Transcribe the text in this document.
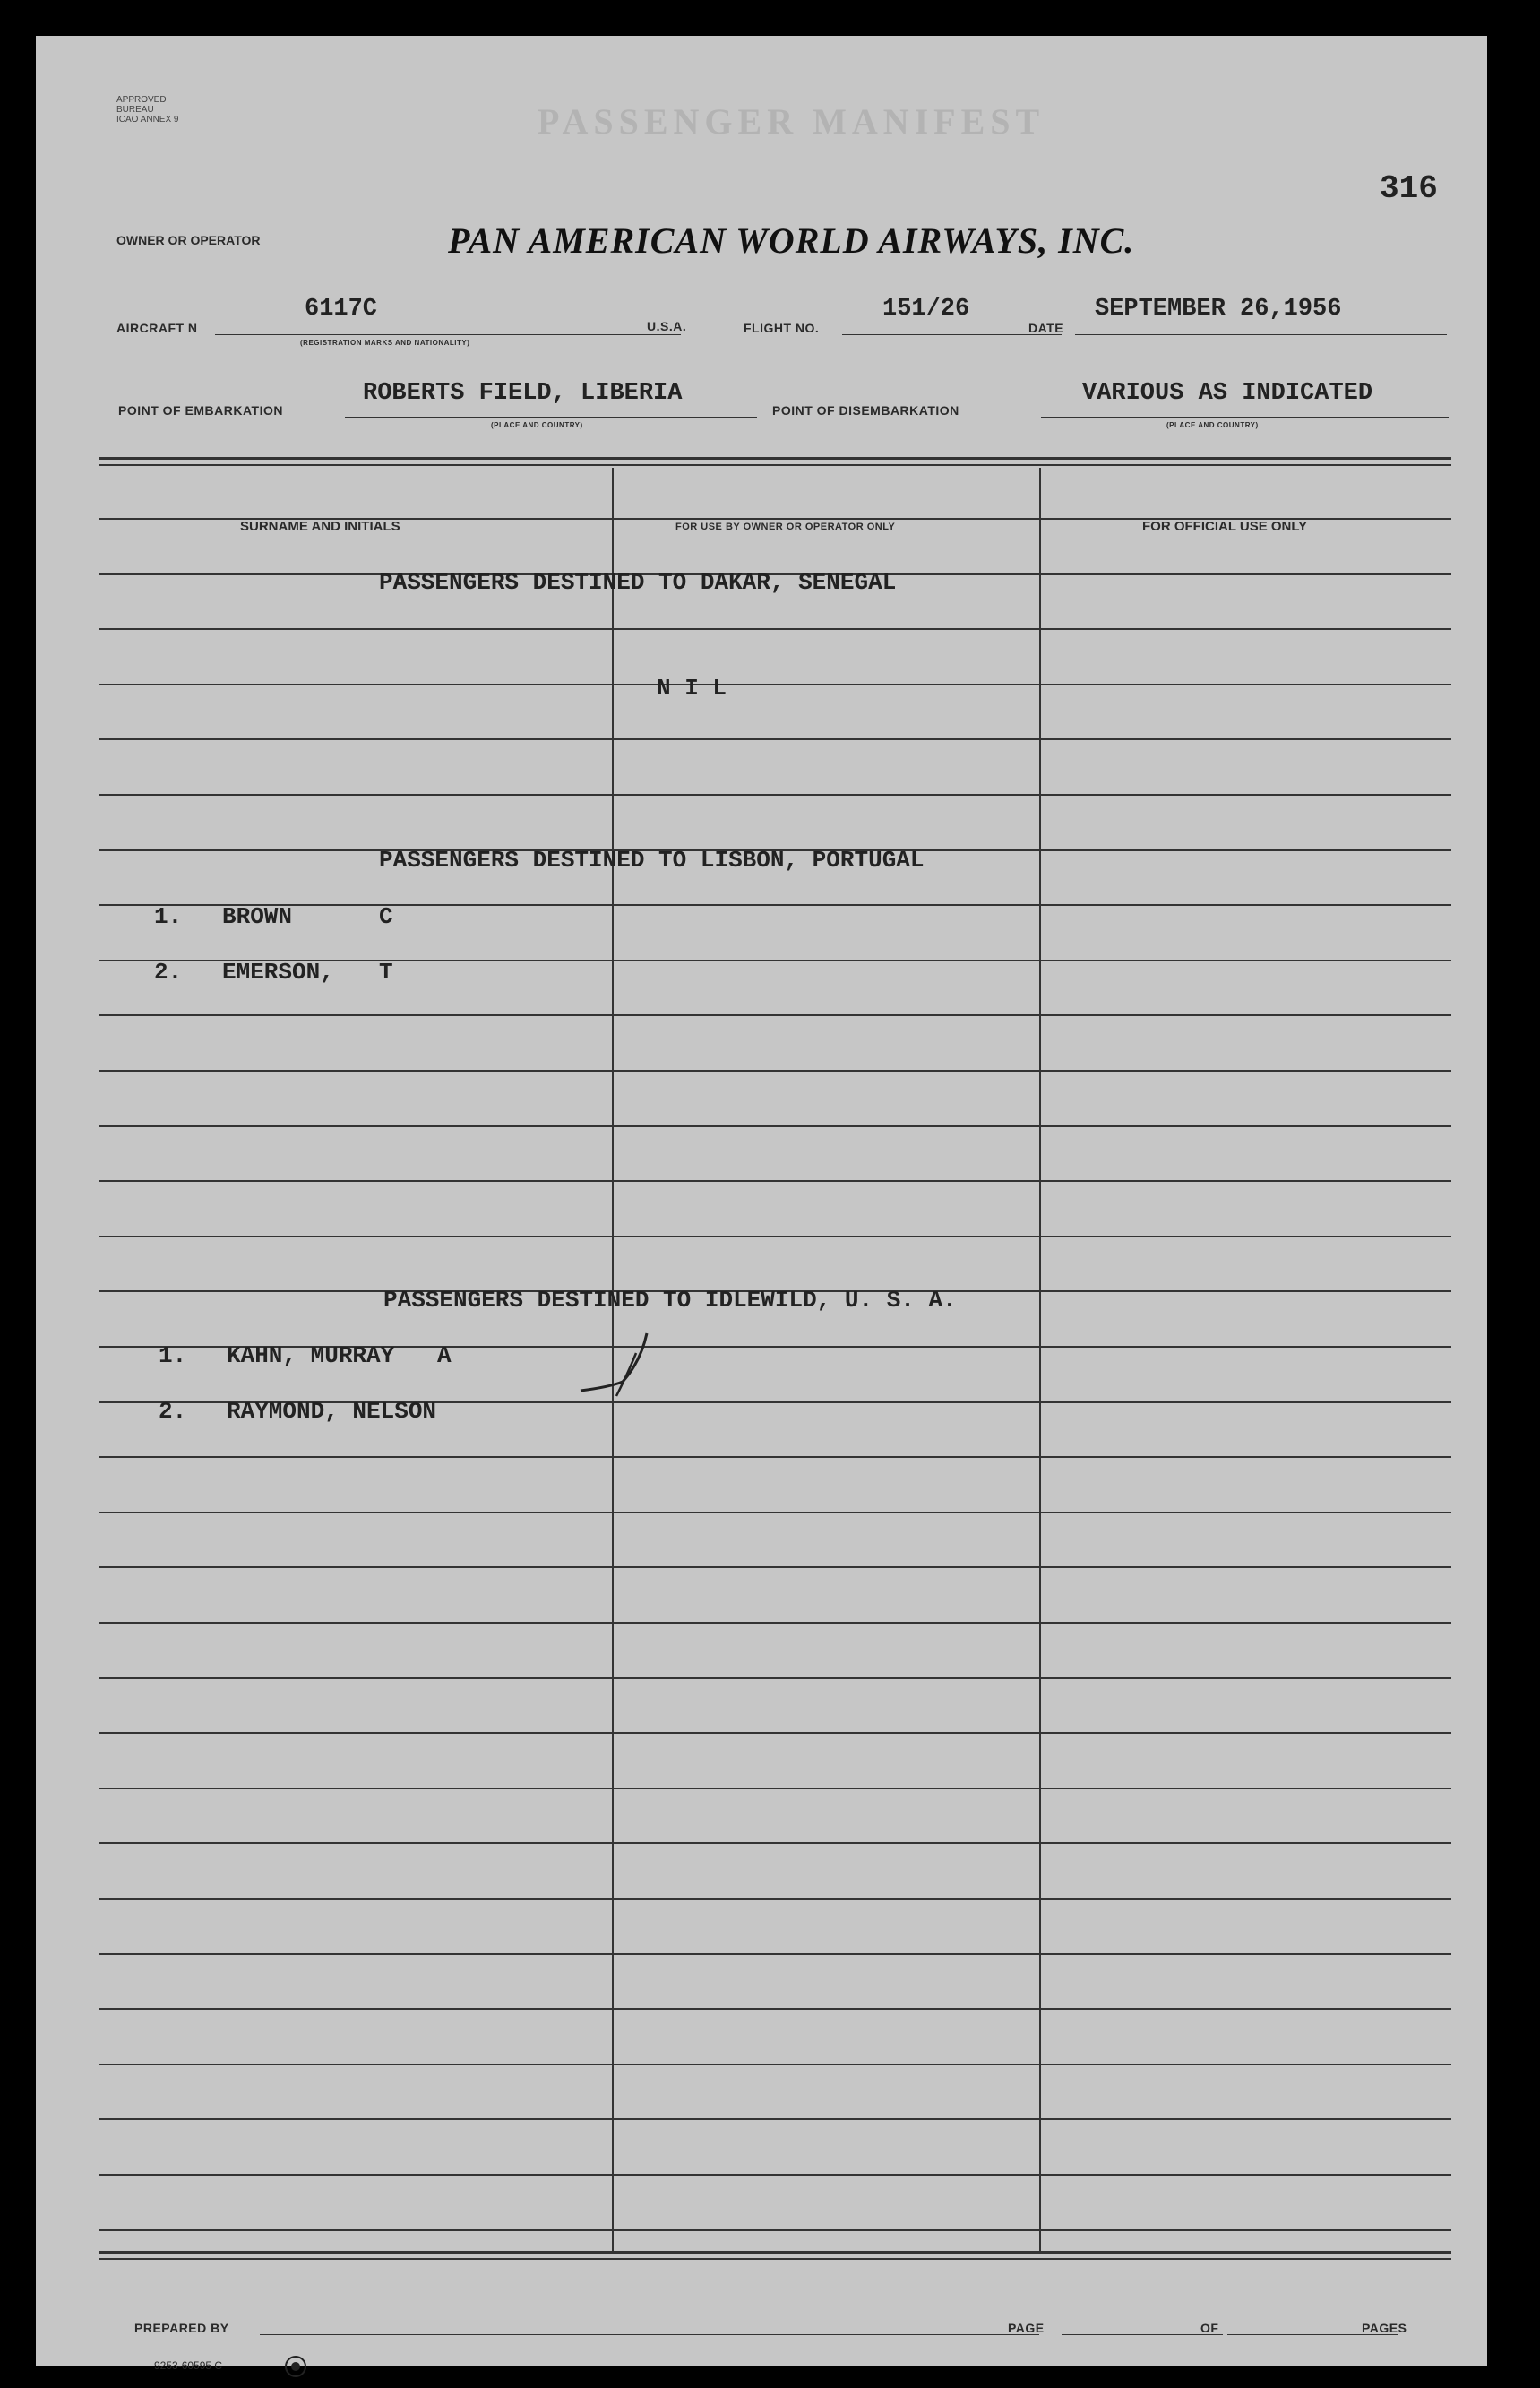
APPROVED
BUREAU
ICAO ANNEX 9	PASSENGER MANIFEST
316
OWNER OR OPERATOR	PAN AMERICAN WORLD AIRWAYS, INC.
AIRCRAFT N
6117C
(REGISTRATION MARKS AND NATIONALITY)
U.S.A.	FLIGHT NO.
151/26
DATE
SEPTEMBER 26,1956
POINT OF EMBARKATION
ROBERTS FIELD, LIBERIA
(PLACE AND COUNTRY)
POINT OF DISEMBARKATION
VARIOUS AS INDICATED
(PLACE AND COUNTRY)
SURNAME AND INITIALS	FOR USE BY OWNER OR OPERATOR ONLY	FOR OFFICIAL USE ONLY
PASSENGERS DESTINED TO DAKAR, SENEGAL
N I L
PASSENGERS DESTINED TO LISBON, PORTUGAL
1. BROWN	C
2. EMERSON, T
PASSENGERS DESTINED TO IDLEWILD, U. S. A.
1. KAHN, MURRAY A
2. RAYMOND, NELSON
PREPARED BY	PAGE	OF	PAGES
9253-60595 C
